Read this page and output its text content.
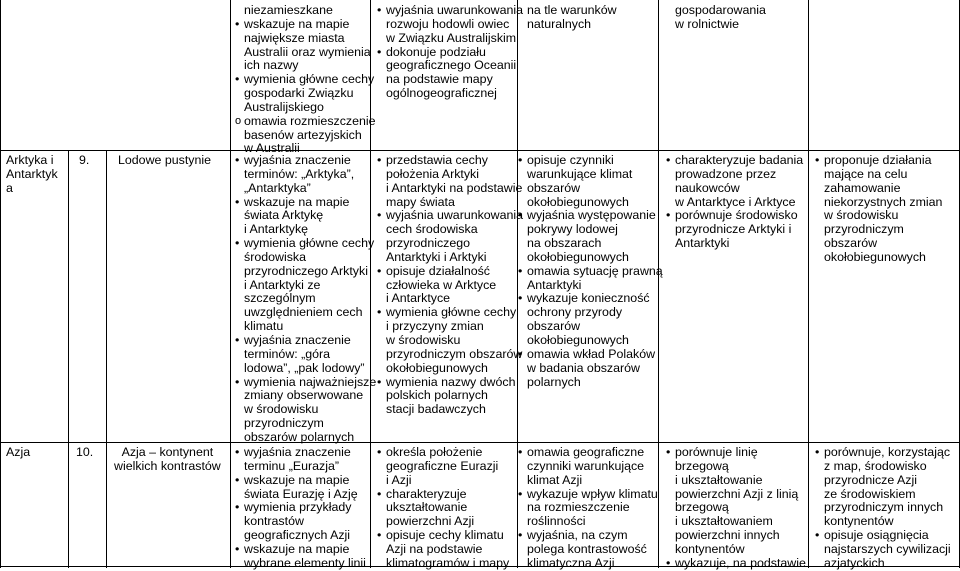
niezamieszkane
• wskazuje na mapie
największe miasta
Australii oraz wymienia
ich nazwy
• wymienia główne cechy
gospodarki Związku
Australijskiego
o omawia rozmieszczenie
basenów artezyjskich
w Australii
• wyjaśnia uwarunkowania
rozwoju hodowli owiec
w Związku Australijskim
• dokonuje podziału
geograficznego Oceanii
na podstawie mapy
ogólnogeograficznej
na tle warunków
naturalnych
gospodarowania
w rolnictwie
Arktyka i
Antarktyk
a
9. Lodowe pustynie
•	wyjaśnia znaczenie
terminów: „Arktyka”,
„Antarktyka”
• wskazuje na mapie
świata Arktykę
i Antarktykę
• wymienia główne cechy
środowiska
przyrodniczego Arktyki
i Antarktyki ze
szczególnym
uwzględnieniem cech
klimatu
• wyjaśnia znaczenie
terminów: „góra
lodowa”, „pak lodowy”
• wymienia najważniejsze
zmiany obserwowane
w środowisku
przyrodniczym
obszarów polarnych
• przedstawia cechy
położenia Arktyki
i Antarktyki na podstawie
mapy świata
• wyjaśnia uwarunkowania
cech środowiska
przyrodniczego
Antarktyki i Arktyki
• opisuje działalność
człowieka w Arktyce
i Antarktyce
• wymienia główne cechy
i przyczyny zmian
w środowisku
przyrodniczym obszarów
okołobiegunowych
• wymienia nazwy dwóch
polskich polarnych
stacji badawczych
• opisuje czynniki
warunkujące klimat
obszarów
okołobiegunowych
• wyjaśnia występowanie
pokrywy lodowej
na obszarach
okołobiegunowych
• omawia sytuację prawną
Antarktyki
• wykazuje konieczność
ochrony przyrody
obszarów
okołobiegunowych
• omawia wkład Polaków
w badania obszarów
polarnych
• charakteryzuje badania
prowadzone przez
naukowców
w Antarktyce i Arktyce
• porównuje środowisko
przyrodnicze Arktyki i
Antarktyki
• proponuje działania
mające na celu
zahamowanie
niekorzystnych zmian
w środowisku
przyrodniczym
obszarów
okołobiegunowych
Azja	10.	Azja – kontynent
wielkich kontrastów
• wyjaśnia znaczenie
terminu „Eurazja”
• wskazuje na mapie
świata Eurazję i Azję
• wymienia przykłady
kontrastów
geograficznych Azji
• wskazuje na mapie
wybrane elementy linii
• określa położenie
geograficzne Eurazji
i Azji
• charakteryzuje
ukształtowanie
powierzchni Azji
• opisuje cechy klimatu
Azji na podstawie
klimatogramów i mapy
• omawia geograficzne
czynniki warunkujące
klimat Azji
• wykazuje wpływ klimatu
na rozmieszczenie
roślinności
• wyjaśnia, na czym
polega kontrastowość
klimatyczna Azji
• porównuje linię
brzegową
i ukształtowanie
powierzchni Azji z linią
brzegową
i ukształtowaniem
powierzchni innych
kontynentów
• wykazuje, na podstawie
• porównuje, korzystając
z map, środowisko
przyrodnicze Azji
ze środowiskiem
przyrodniczym innych
kontynentów
• opisuje osiągnięcia
najstarszych cywilizacji
azjatyckich
